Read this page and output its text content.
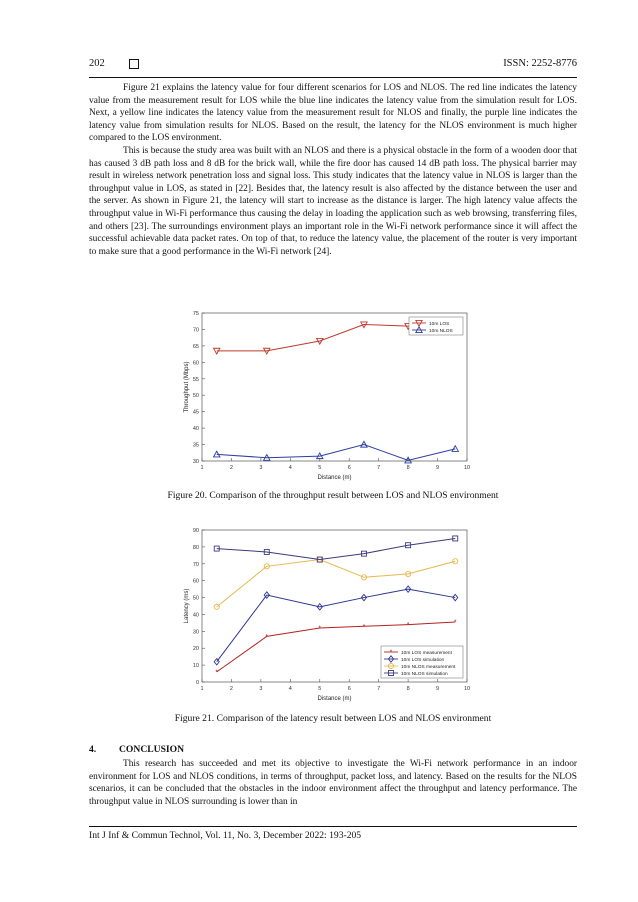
202	ISSN: 2252-8776

Figure 21 explains the latency value for four different scenarios for LOS and NLOS. The red line indicates the latency value from the measurement result for LOS while the blue line indicates the latency value from the simulation result for LOS. Next, a yellow line indicates the latency value from the measurement result for NLOS and finally, the purple line indicates the latency value from simulation results for NLOS. Based on the result, the latency for the NLOS environment is much higher compared to the LOS environment.

This is because the study area was built with an NLOS and there is a physical obstacle in the form of a wooden door that has caused 3 dB path loss and 8 dB for the brick wall, while the fire door has caused 14 dB path loss. The physical barrier may result in wireless network penetration loss and signal loss. This study indicates that the latency value in NLOS is larger than the throughput value in LOS, as stated in [22]. Besides that, the latency result is also affected by the distance between the user and the server. As shown in Figure 21, the latency will start to increase as the distance is larger. The high latency value affects the throughput value in Wi-Fi performance thus causing the delay in loading the application such as web browsing, transferring files, and others [23]. The surroundings environment plays an important role in the Wi-Fi network performance since it will affect the successful achievable data packet rates. On top of that, to reduce the latency value, the placement of the router is very important to make sure that a good performance in the Wi-Fi network [24].

1	2	3	4	5	6	7	8	9	10
30
35
40
45
50
55
60
65
70
75
Distance (m)
Throughput (Mbps)
10m LOS
10m NLOS
Figure 20. Comparison of the throughput result between LOS and NLOS environment
1	2	3	4	5	6	7	8	9	10
0
10
20
30
40
50
60
70
80
90
Distance (m)
Latency (ms)
*
*
*	*	*	*
* 10m LOS measurement
10m LOS simulation
10m NLOS measurement
10m NLOS simulation
Figure 21. Comparison of the latency result between LOS and NLOS environment
4. CONCLUSION

This research has succeeded and met its objective to investigate the Wi-Fi network performance in an indoor environment for LOS and NLOS conditions, in terms of throughput, packet loss, and latency. Based on the results for the NLOS scenarios, it can be concluded that the obstacles in the indoor environment affect the throughput and latency performance. The throughput value in NLOS surrounding is lower than in

Int J Inf & Commun Technol, Vol. 11, No. 3, December 2022: 193-205
